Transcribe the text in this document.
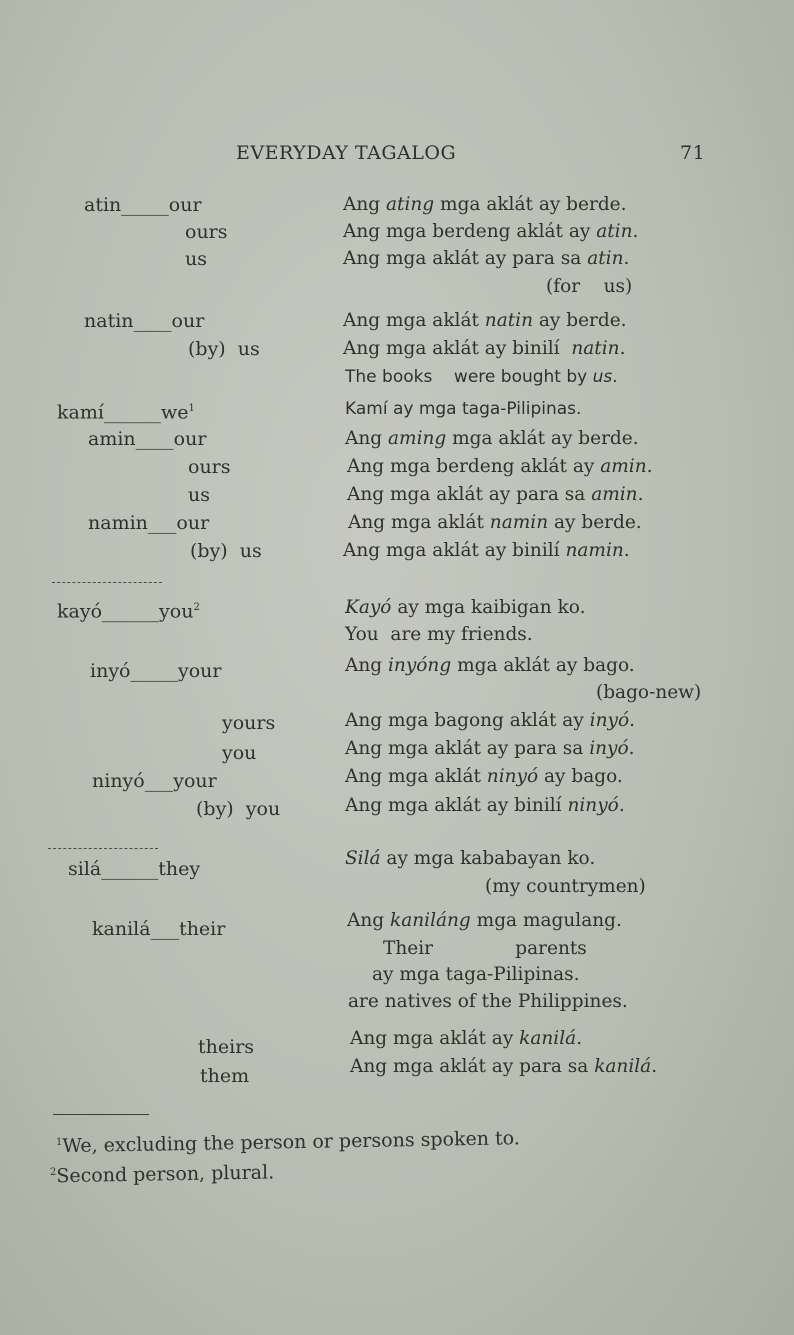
EVERYDAY TAGALOG	71
atin_____our	Ang ating mga aklát ay berde.
ours	Ang mga berdeng aklát ay atin.
us	Ang mga aklát ay para sa atin.
(for    us)
natin____our	Ang mga aklát natin ay berde.
(by)  us	Ang mga aklát ay binilí  natin.
The books    were bought by us.
$kamí\_\_\_\_\_\_we^1$	Kamí ay mga taga-Pilipinas.
amin____our	Ang aming mga aklát ay berde.
ours	Ang mga berdeng aklát ay amin.
us	Ang mga aklát ay para sa amin.
namin___our	Ang mga aklát namin ay berde.
(by)  us	Ang mga aklát ay binilí namin.
kayó______you$^2$	Kayó ay mga kaibigan ko.
You  are my friends.
inyó_____your	Ang inyóng mga aklát ay bago.
(bago-new)
yours	Ang mga bagong aklát ay inyó.
you	Ang mga aklát ay para sa inyó.
ninyó___your	Ang mga aklát ninyó ay bago.
(by)  you	Ang mga aklát ay binilí ninyó.
silá______they	Silá ay mga kababayan ko.
(my countrymen)
kanilá___their	Ang kaniláng mga magulang.
Their              parents
ay mga taga-Pilipinas.
are natives of the Philippines.
theirs	Ang mga aklát ay kanilá.
them	Ang mga aklát ay para sa kanilá.
$^1$We, excluding the person or persons spoken to.
$^2$Second person, plural.
